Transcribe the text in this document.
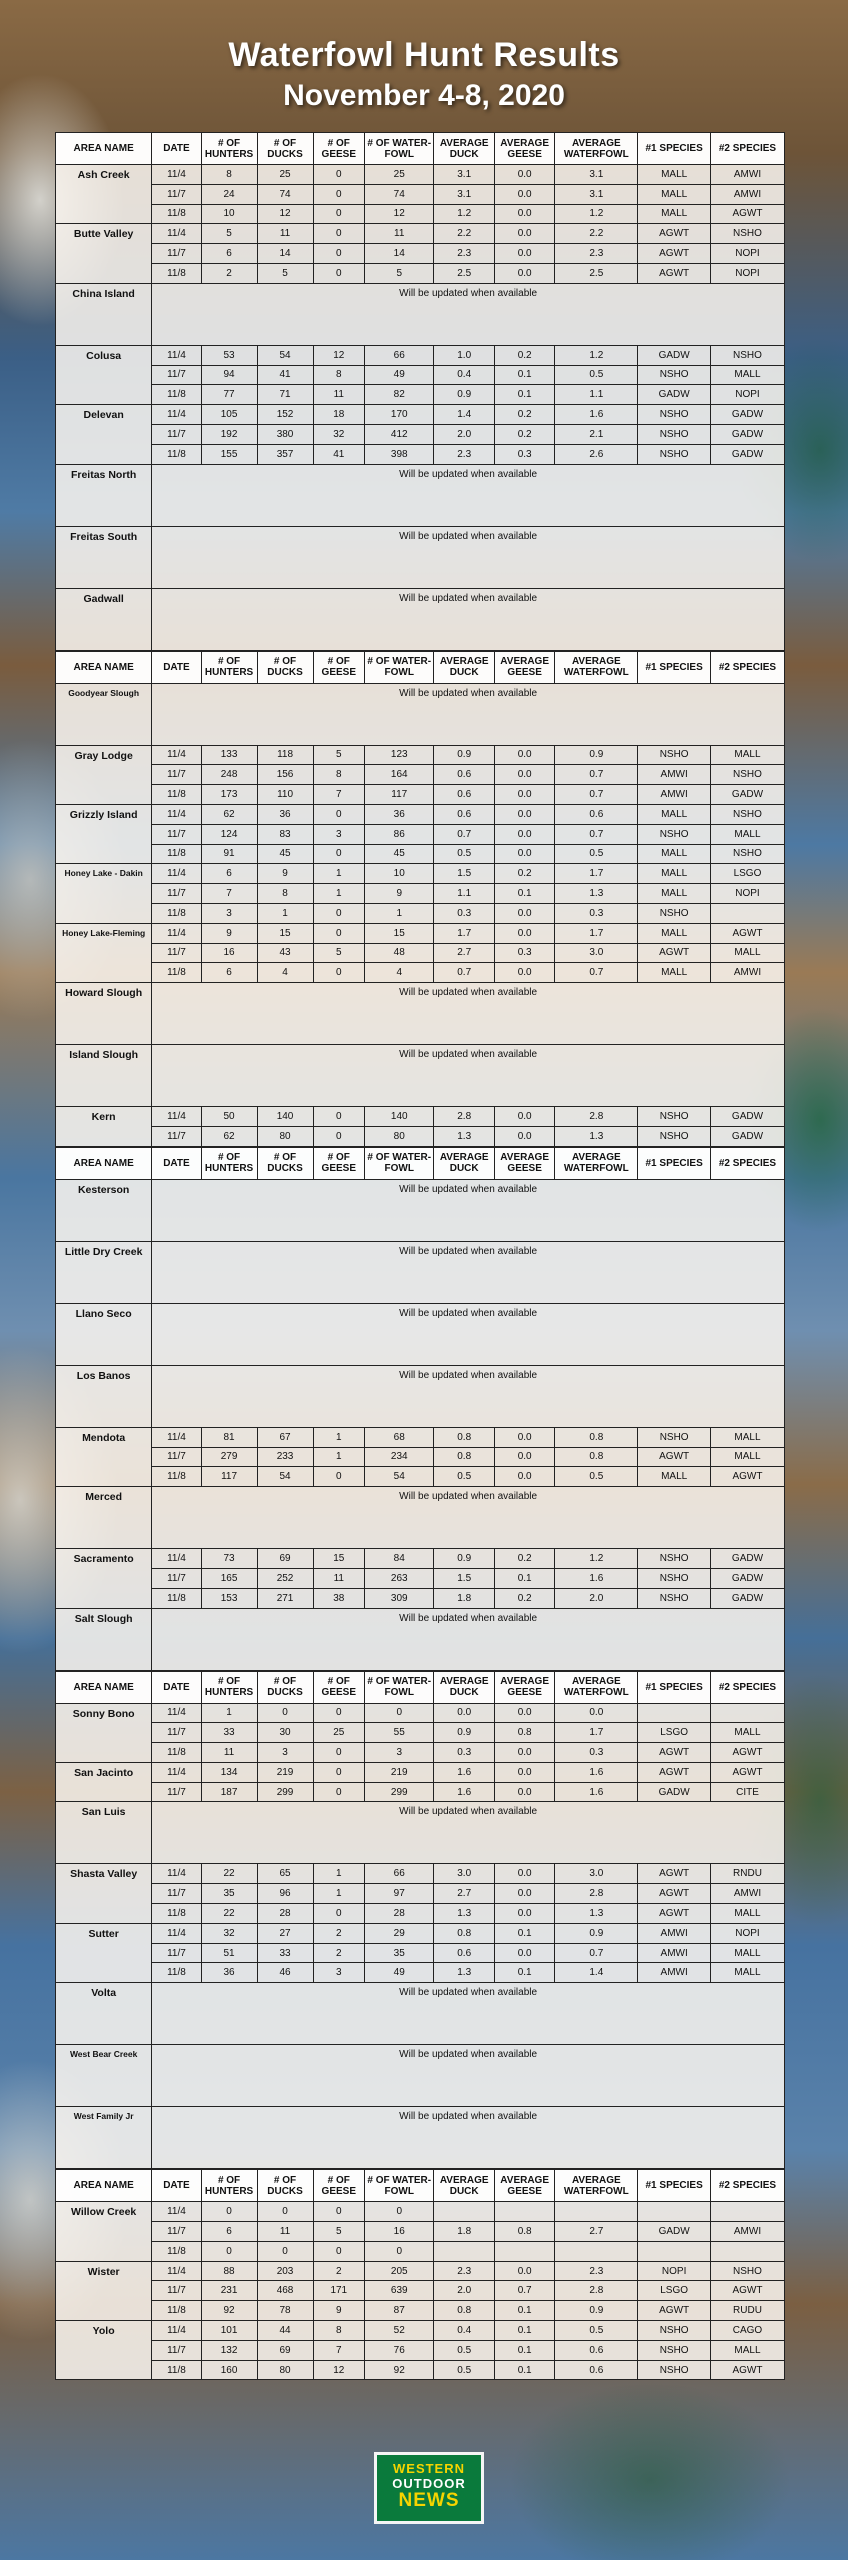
Waterfowl Hunt Results
November 4-8, 2020
AREA NAME	DATE	# OF HUNTERS	# OF DUCKS	# OF GEESE	# OF WATER-FOWL	AVERAGE DUCK	AVERAGE GEESE	AVERAGE WATERFOWL	#1 SPECIES	#2 SPECIES
Ash Creek	11/4	8	25	0	25	3.1	0.0	3.1	MALL	AMWI
	11/7	24	74	0	74	3.1	0.0	3.1	MALL	AMWI
	11/8	10	12	0	12	1.2	0.0	1.2	MALL	AGWT
Butte Valley	11/4	5	11	0	11	2.2	0.0	2.2	AGWT	NSHO
	11/7	6	14	0	14	2.3	0.0	2.3	AGWT	NOPI
	11/8	2	5	0	5	2.5	0.0	2.5	AGWT	NOPI
China Island	Will be updated when available									
Colusa	11/4	53	54	12	66	1.0	0.2	1.2	GADW	NSHO
	11/7	94	41	8	49	0.4	0.1	0.5	NSHO	MALL
	11/8	77	71	11	82	0.9	0.1	1.1	GADW	NOPI
Delevan	11/4	105	152	18	170	1.4	0.2	1.6	NSHO	GADW
	11/7	192	380	32	412	2.0	0.2	2.1	NSHO	GADW
	11/8	155	357	41	398	2.3	0.3	2.6	NSHO	GADW
Freitas North	Will be updated when available									
Freitas South	Will be updated when available									
Gadwall	Will be updated when available									
AREA NAME	DATE	# OF HUNTERS	# OF DUCKS	# OF GEESE	# OF WATER-FOWL	AVERAGE DUCK	AVERAGE GEESE	AVERAGE WATERFOWL	#1 SPECIES	#2 SPECIES
Goodyear Slough	Will be updated when available									
Gray Lodge	11/4	133	118	5	123	0.9	0.0	0.9	NSHO	MALL
	11/7	248	156	8	164	0.6	0.0	0.7	AMWI	NSHO
	11/8	173	110	7	117	0.6	0.0	0.7	AMWI	GADW
Grizzly Island	11/4	62	36	0	36	0.6	0.0	0.6	MALL	NSHO
	11/7	124	83	3	86	0.7	0.0	0.7	NSHO	MALL
	11/8	91	45	0	45	0.5	0.0	0.5	MALL	NSHO
Honey Lake - Dakin	11/4	6	9	1	10	1.5	0.2	1.7	MALL	LSGO
	11/7	7	8	1	9	1.1	0.1	1.3	MALL	NOPI
	11/8	3	1	0	1	0.3	0.0	0.3	NSHO	
Honey Lake-Fleming	11/4	9	15	0	15	1.7	0.0	1.7	MALL	AGWT
	11/7	16	43	5	48	2.7	0.3	3.0	AGWT	MALL
	11/8	6	4	0	4	0.7	0.0	0.7	MALL	AMWI
Howard Slough	Will be updated when available									
Island Slough	Will be updated when available									
Kern	11/4	50	140	0	140	2.8	0.0	2.8	NSHO	GADW
	11/7	62	80	0	80	1.3	0.0	1.3	NSHO	GADW
AREA NAME	DATE	# OF HUNTERS	# OF DUCKS	# OF GEESE	# OF WATER-FOWL	AVERAGE DUCK	AVERAGE GEESE	AVERAGE WATERFOWL	#1 SPECIES	#2 SPECIES
Kesterson	Will be updated when available									
Little Dry Creek	Will be updated when available									
Llano Seco	Will be updated when available									
Los Banos	Will be updated when available									
Mendota	11/4	81	67	1	68	0.8	0.0	0.8	NSHO	MALL
	11/7	279	233	1	234	0.8	0.0	0.8	AGWT	MALL
	11/8	117	54	0	54	0.5	0.0	0.5	MALL	AGWT
Merced	Will be updated when available									
Sacramento	11/4	73	69	15	84	0.9	0.2	1.2	NSHO	GADW
	11/7	165	252	11	263	1.5	0.1	1.6	NSHO	GADW
	11/8	153	271	38	309	1.8	0.2	2.0	NSHO	GADW
Salt Slough	Will be updated when available									
AREA NAME	DATE	# OF HUNTERS	# OF DUCKS	# OF GEESE	# OF WATER-FOWL	AVERAGE DUCK	AVERAGE GEESE	AVERAGE WATERFOWL	#1 SPECIES	#2 SPECIES
Sonny Bono	11/4	1	0	0	0	0.0	0.0	0.0		
	11/7	33	30	25	55	0.9	0.8	1.7	LSGO	MALL
	11/8	11	3	0	3	0.3	0.0	0.3	AGWT	AGWT
San Jacinto	11/4	134	219	0	219	1.6	0.0	1.6	AGWT	AGWT
	11/7	187	299	0	299	1.6	0.0	1.6	GADW	CITE
San Luis	Will be updated when available									
Shasta Valley	11/4	22	65	1	66	3.0	0.0	3.0	AGWT	RNDU
	11/7	35	96	1	97	2.7	0.0	2.8	AGWT	AMWI
	11/8	22	28	0	28	1.3	0.0	1.3	AGWT	MALL
Sutter	11/4	32	27	2	29	0.8	0.1	0.9	AMWI	NOPI
	11/7	51	33	2	35	0.6	0.0	0.7	AMWI	MALL
	11/8	36	46	3	49	1.3	0.1	1.4	AMWI	MALL
Volta	Will be updated when available									
West Bear Creek	Will be updated when available									
West Family Jr	Will be updated when available									
AREA NAME	DATE	# OF HUNTERS	# OF DUCKS	# OF GEESE	# OF WATER-FOWL	AVERAGE DUCK	AVERAGE GEESE	AVERAGE WATERFOWL	#1 SPECIES	#2 SPECIES
Willow Creek	11/4	0	0	0	0					
	11/7	6	11	5	16	1.8	0.8	2.7	GADW	AMWI
	11/8	0	0	0	0					
Wister	11/4	88	203	2	205	2.3	0.0	2.3	NOPI	NSHO
	11/7	231	468	171	639	2.0	0.7	2.8	LSGO	AGWT
	11/8	92	78	9	87	0.8	0.1	0.9	AGWT	RUDU
Yolo	11/4	101	44	8	52	0.4	0.1	0.5	NSHO	CAGO
	11/7	132	69	7	76	0.5	0.1	0.6	NSHO	MALL
	11/8	160	80	12	92	0.5	0.1	0.6	NSHO	AGWT
WESTERN
OUTDOOR
NEWS
